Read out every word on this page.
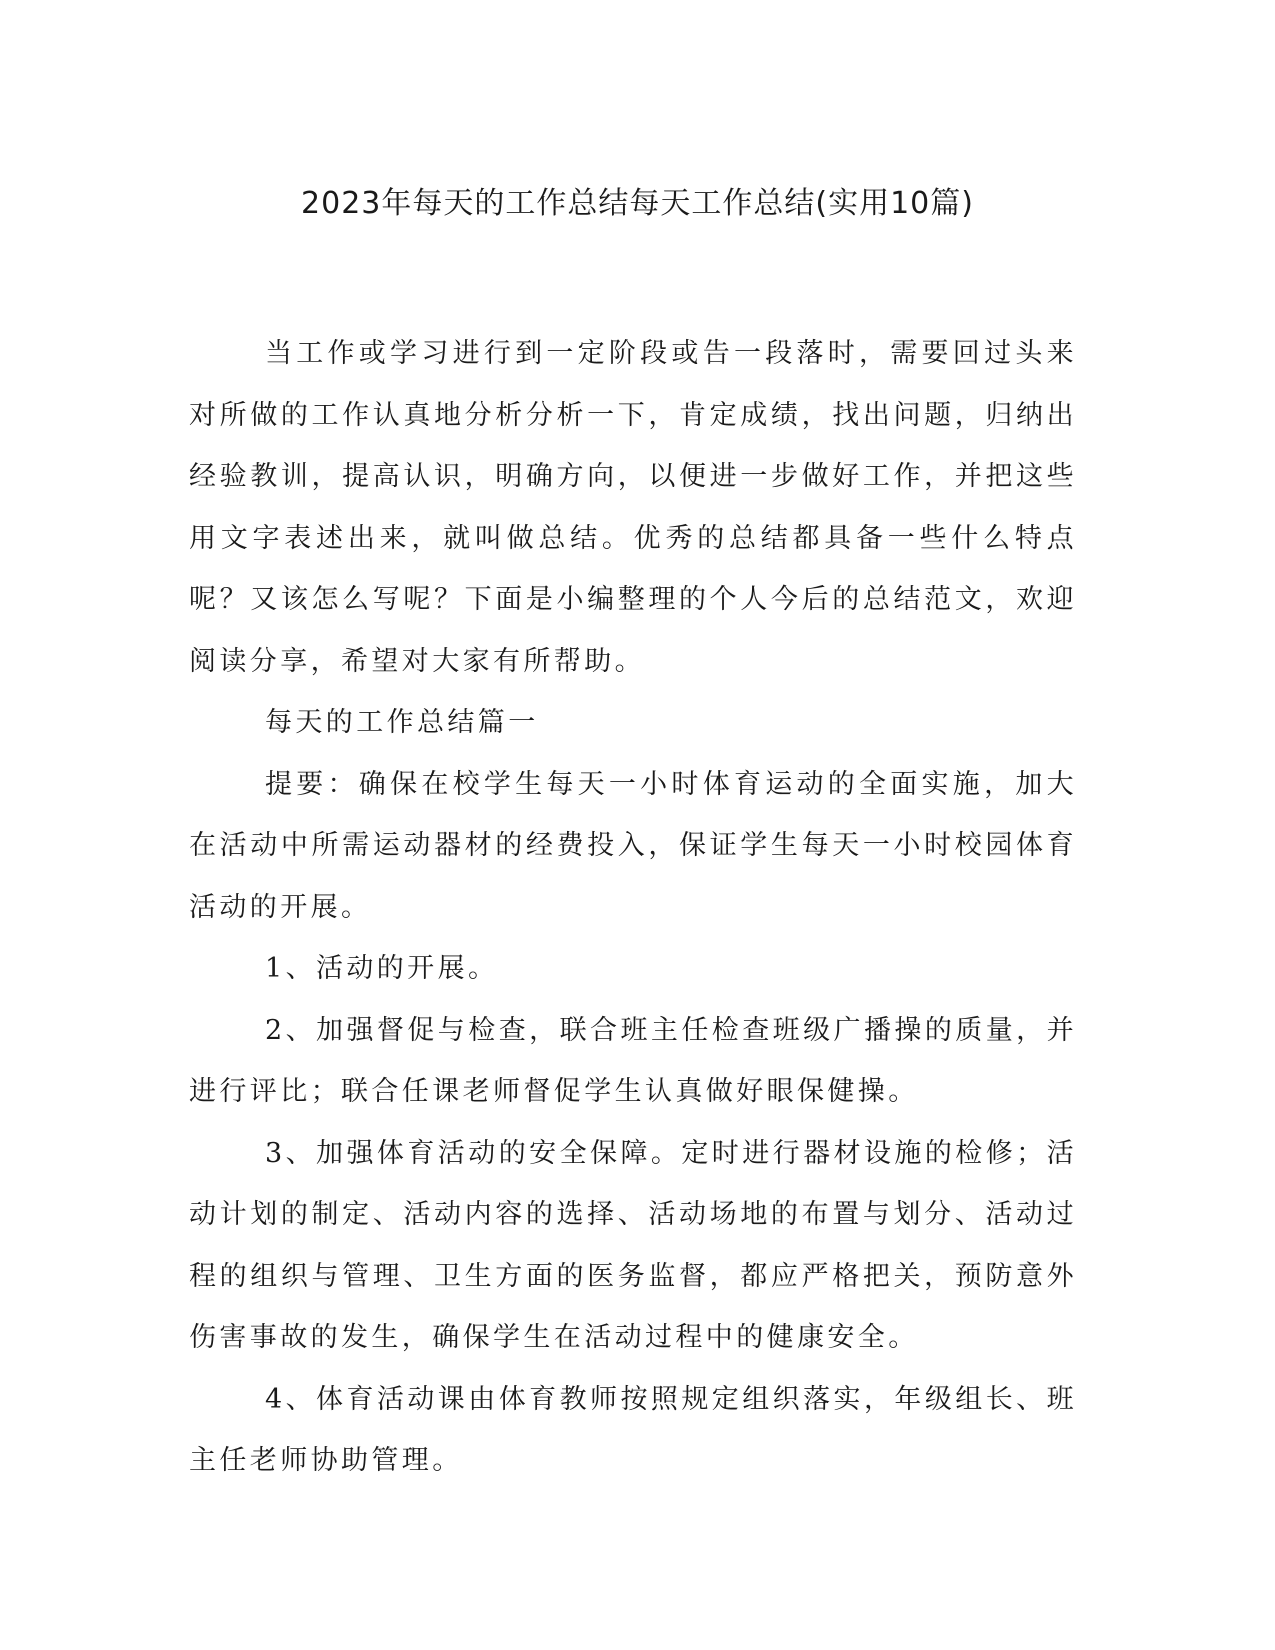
2023年每天的工作总结每天工作总结(实用10篇)

当工作或学习进行到一定阶段或告一段落时，需要回过头来对所做的工作认真地分析分析一下，肯定成绩，找出问题，归纳出经验教训，提高认识，明确方向，以便进一步做好工作，并把这些用文字表述出来，就叫做总结。优秀的总结都具备一些什么特点呢？又该怎么写呢？下面是小编整理的个人今后的总结范文，欢迎阅读分享，希望对大家有所帮助。

每天的工作总结篇一

提要：确保在校学生每天一小时体育运动的全面实施，加大在活动中所需运动器材的经费投入，保证学生每天一小时校园体育活动的开展。

1、活动的开展。

2、加强督促与检查，联合班主任检查班级广播操的质量，并进行评比；联合任课老师督促学生认真做好眼保健操。

3、加强体育活动的安全保障。定时进行器材设施的检修；活动计划的制定、活动内容的选择、活动场地的布置与划分、活动过程的组织与管理、卫生方面的医务监督，都应严格把关，预防意外伤害事故的发生，确保学生在活动过程中的健康安全。

4、体育活动课由体育教师按照规定组织落实，年级组长、班主任老师协助管理。
